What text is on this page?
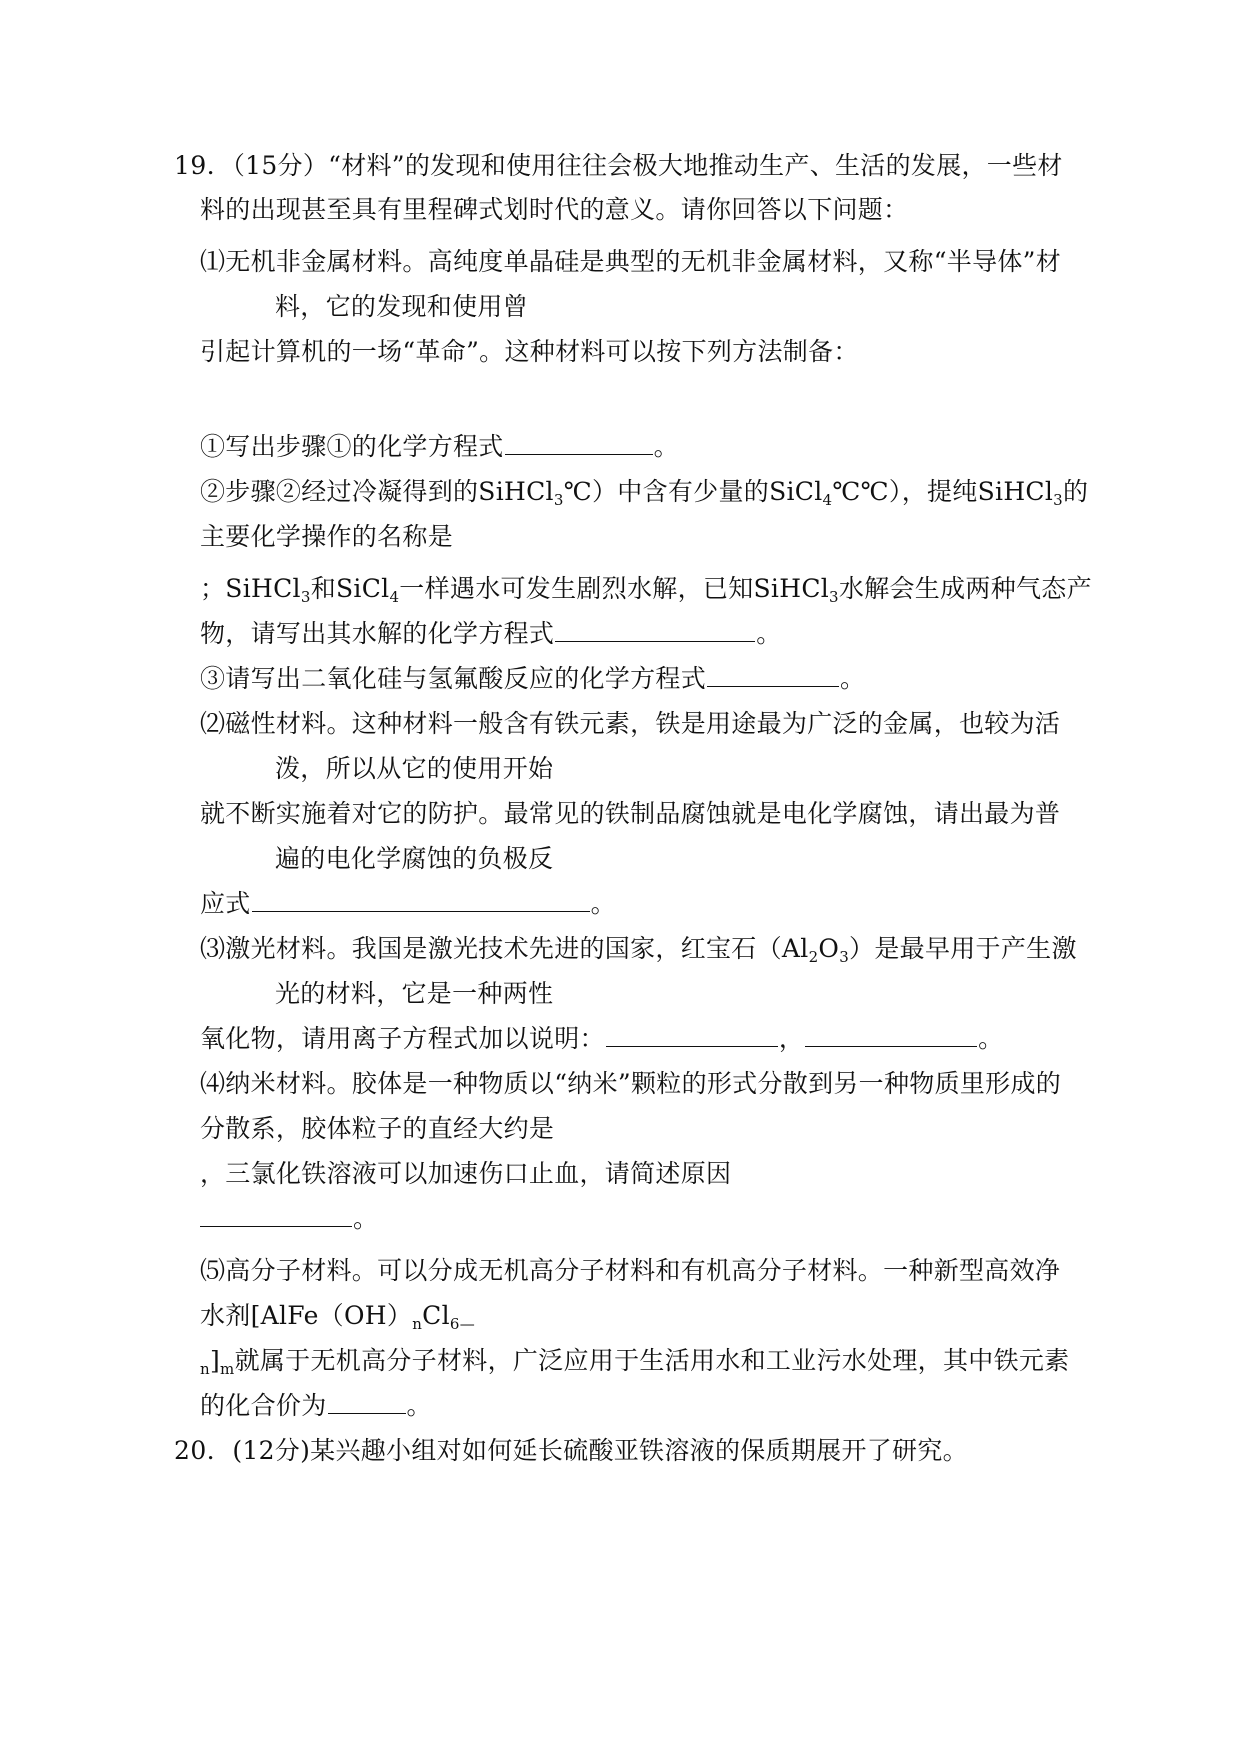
19．（15分）“材料”的发现和使用往往会极大地推动生产、生活的发展，一些材
料的出现甚至具有里程碑式划时代的意义。请你回答以下问题：
⑴无机非金属材料。高纯度单晶硅是典型的无机非金属材料，又称“半导体”材
料，它的发现和使用曾
引起计算机的一场“革命”。这种材料可以按下列方法制备：
①写出步骤①的化学方程式	。
②步骤②经过冷凝得到的SiHCl$_3$℃）中含有少量的SiCl$_4$℃℃），提纯SiHCl$_3$的
主要化学操作的名称是
；SiHCl$_3$和SiCl$_4$一样遇水可发生剧烈水解，已知SiHCl$_3$水解会生成两种气态产
物，请写出其水解的化学方程式	。
③请写出二氧化硅与氢氟酸反应的化学方程式	。
⑵磁性材料。这种材料一般含有铁元素，铁是用途最为广泛的金属，也较为活
泼，所以从它的使用开始
就不断实施着对它的防护。最常见的铁制品腐蚀就是电化学腐蚀，请出最为普
遍的电化学腐蚀的负极反
应式	。
⑶激光材料。我国是激光技术先进的国家，红宝石$(Al_2O_3)$是最早用于产生激
光的材料，它是一种两性
氧化物，请用离子方程式加以说明：	，	。
⑷纳米材料。胶体是一种物质以“纳米”颗粒的形式分散到另一种物质里形成的
分散系，胶体粒子的直经大约是
，三氯化铁溶液可以加速伤口止血，请简述原因
。
⑸高分子材料。可以分成无机高分子材料和有机高分子材料。一种新型高效净
水剂[$AlFe(OH)_nCl_{6—}$
$_n]_m$就属于无机高分子材料，广泛应用于生活用水和工业污水处理，其中铁元素
的化合价为	。
20．(12分)某兴趣小组对如何延长硫酸亚铁溶液的保质期展开了研究。
